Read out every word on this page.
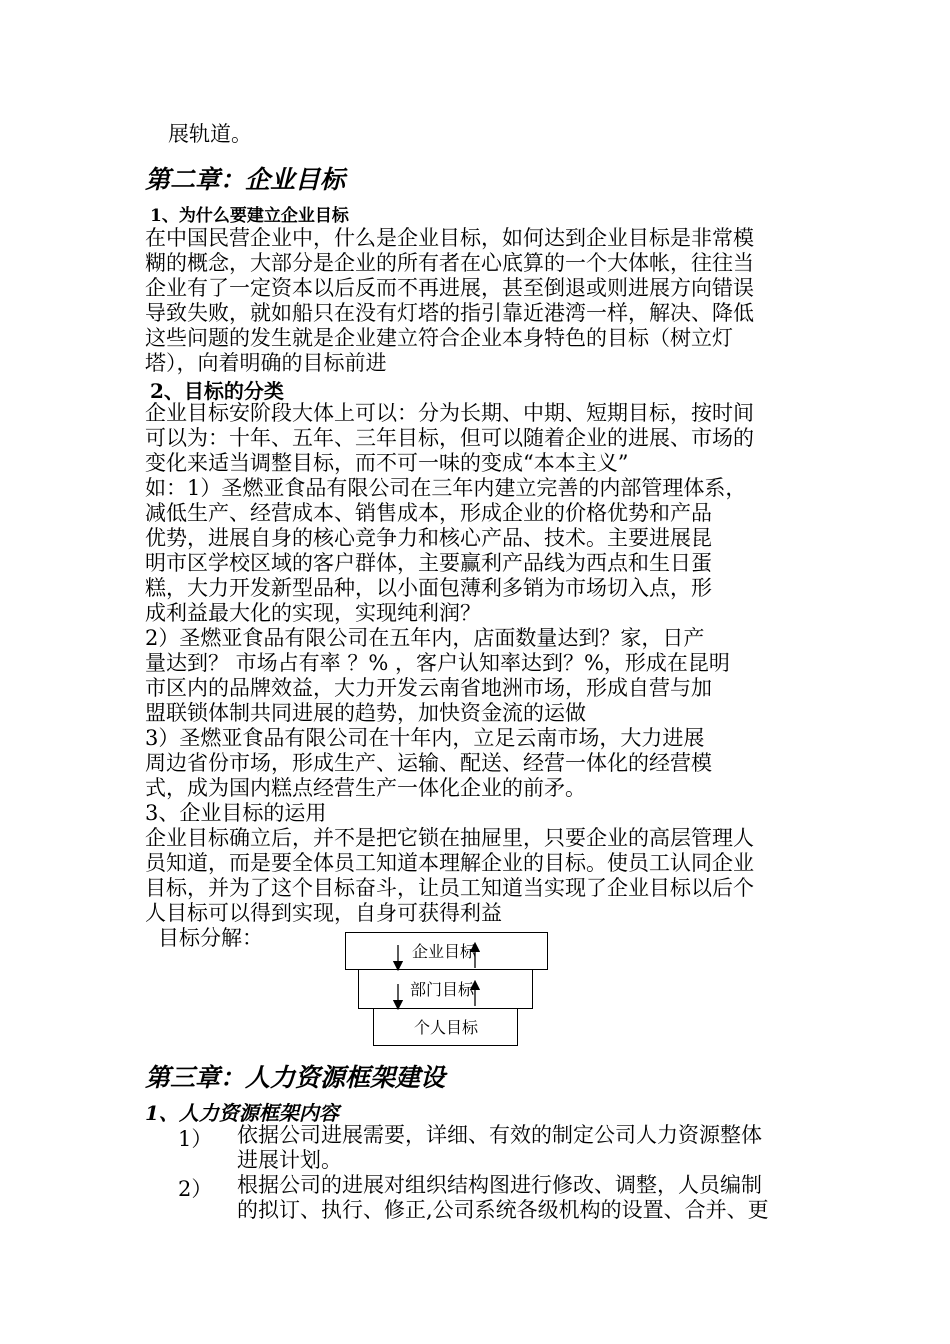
展轨道。
第二章：企业目标
1、为什么要建立企业目标
在中国民营企业中，什么是企业目标，如何达到企业目标是非常模
糊的概念，大部分是企业的所有者在心底算的一个大体帐，往往当
企业有了一定资本以后反而不再进展，甚至倒退或则进展方向错误
导致失败，就如船只在没有灯塔的指引靠近港湾一样，解决、降低
这些问题的发生就是企业建立符合企业本身特色的目标（树立灯
塔），向着明确的目标前进
2、目标的分类
企业目标安阶段大体上可以：分为长期、中期、短期目标，按时间
可以为：十年、五年、三年目标，但可以随着企业的进展、市场的
变化来适当调整目标，而不可一味的变成“本本主义”
如：1）圣燃亚食品有限公司在三年内建立完善的内部管理体系，
减低生产、经营成本、销售成本，形成企业的价格优势和产品
优势，进展自身的核心竞争力和核心产品、技术。主要进展昆
明市区学校区域的客户群体，主要赢利产品线为西点和生日蛋
糕，大力开发新型品种，以小面包薄利多销为市场切入点，形
成利益最大化的实现，实现纯利润？
2）圣燃亚食品有限公司在五年内，店面数量达到？家，日产
量达到？ 市场占有率 ？% ，客户认知率达到？%，形成在昆明
市区内的品牌效益，大力开发云南省地洲市场，形成自营与加
盟联锁体制共同进展的趋势，加快资金流的运做
3）圣燃亚食品有限公司在十年内，立足云南市场，大力进展
周边省份市场，形成生产、运输、配送、经营一体化的经营模
式，成为国内糕点经营生产一体化企业的前矛。
3、企业目标的运用
企业目标确立后，并不是把它锁在抽屉里，只要企业的高层管理人
员知道，而是要全体员工知道本理解企业的目标。使员工认同企业
目标，并为了这个目标奋斗，让员工知道当实现了企业目标以后个
人目标可以得到实现，自身可获得利益
目标分解：
企业目标
部门目标
个人目标
第三章：人力资源框架建设
1、人力资源框架内容
1） 依据公司进展需要，详细、有效的制定公司人力资源整体
进展计划。
2） 根据公司的进展对组织结构图进行修改、调整，人员编制
的拟订、执行、修正,公司系统各级机构的设置、合并、更
